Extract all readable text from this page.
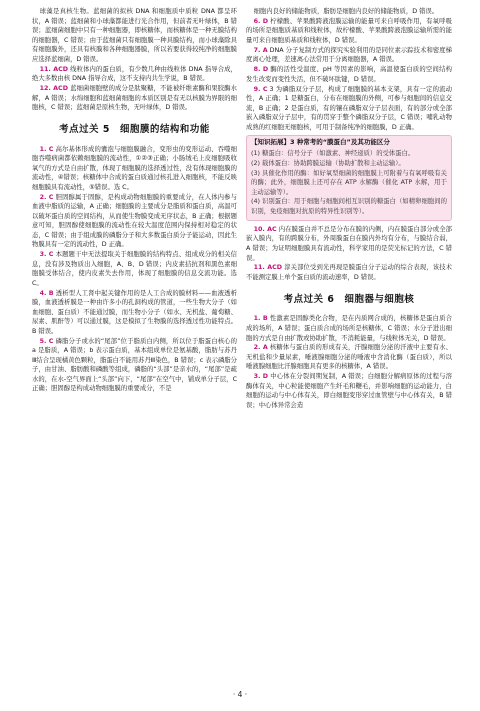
球藻是真核生物。蓝细菌的拟核 DNA 和细胞质中质粒 DNA 都呈环状，A 错误；蓝细菌和小球藻都能进行光合作用，但前者无叶绿体，B 错误；蓝细菌细胞中只有一种细胞器，即核糖体，而核糖体是一种无膜结构的细胞器，C 错误；由于蓝细菌只有细胞膜一种具膜结构，而小球藻除具有细胞膜外，还具有核膜和各种细胞器膜，所以若要获得较纯净的细胞膜应选择蓝细菌，D 错误。

11. ACD 线粒体内的蛋白质，有少数几种由线粒体 DNA 指导合成，绝大多数由核 DNA 指导合成，这不支持内共生学说，B 错误。

12. ACD 蓝细菌细胞壁的成分是肽聚糖，不能被纤维素酶和果胶酶水解，A 错误；水绵细胞和蓝细菌细胞的本质区别是有无以核膜为界限的细胞核，C 错误；蓝细菌是原核生物，无叶绿体，D 错误。

考点过关 5 细胞膜的结构和功能

1. C 高尔基体形成的囊泡与细胞膜融合，变形虫的变形运动、吞噬细胞吞噬病菌都依赖细胞膜的流动性，①②③正确；小肠绒毛上皮细胞吸收氧气的方式是自由扩散，体现了细胞膜的选择透过性，没有体现细胞膜的流动性，④错误；核糖体中合成的蛋白质通过核孔进入细胞核，不能反映细胞膜具有流动性，⑤错误。选 C。

2. C 胆固醇属于固醇，是构成动物细胞膜的重要成分，在人体内参与血液中脂质的运输，A 正确；细胞膜的主要成分是脂质和蛋白质，高温可以破坏蛋白质的空间结构，从而使生物膜变成无序状态，B 正确；根据题意可知，胆固醇使细胞膜的流动性在较大温度范围内保持相对稳定的状态，C 错误；由于组成膜的磷脂分子和大多数蛋白质分子能运动，因此生物膜具有一定的流动性，D 正确。

3. C 本题题干中无法提取关于细胞膜的结构特点、组成成分的相关信息，没有涉及物质出入细胞，A、B、D 错误；内皮素拮抗剂和黑色素细胞膜受体结合，使内皮素失去作用，体现了细胞膜的信息交流功能。选 C。

4. B 透析型人工肾中起关键作用的是人工合成的膜材料——血液透析膜，血液透析膜是一种由许多小的孔洞构成的管道，一些生物大分子（如血细胞、蛋白质）不能通过膜，而生物小分子（如水、无机盐、葡萄糖、尿素、肌酐等）可以通过膜，这是模拟了生物膜的选择透过性功能特点。B 错误。

5. C 磷脂分子或水的“尾部”位于脂质白内侧，所以位于脂蛋白核心的 a 是脂质，A 错误；b 表示蛋白质，基本组成单位是氨基酸，脂肪与苏丹Ⅲ结合呈现橘黄色颗粒，脂蛋白不能用苏丹Ⅲ染色，B 错误；c 表示磷脂分子，由甘油、脂肪酸和磷酸等组成，磷脂的“头部”是亲水的，“尾部”是疏水的，在水-空气界面上“头部”向下，“尾部”在空气中，铺成单分子层，C 正确；胆固醇是构成动物细胞膜的重要成分，不是

细胞内良好的储能物质，脂肪是细胞内良好的储能物质，D 错误。

6. D 柠檬酸、苹果酸跨液泡膜运输的能量可来自呼吸作用，有氧呼吸的场所是细胞质基质和线粒体，故柠檬酸、苹果酸跨液泡膜运输所需的能量可来自细胞质基质和线粒体，D 错误。

7. A DNA 分子复制方式的探究实验利用的是同位素示踪技术和密度梯度离心处理，差速离心法常用于分离细胞器，A 错误。

8. D 酶的活性受温度、pH 等因素的影响，高温使蛋白质的空间结构发生改变而变性失活，但不破坏肽键，D 错误。

9. C 3 为磷脂双分子层，构成了细胞膜的基本支架，具有一定的流动性，A 正确；1 是糖蛋白，分布在细胞膜的外侧，可参与细胞间的信息交流，B 正确；2 是蛋白质，有的镶在磷脂双分子层表面，有的部分或全部嵌入磷脂双分子层中，有的贯穿于整个磷脂双分子层，C 错误；哺乳动物成熟的红细胞无细胞核，可用于制备纯净的细胞膜，D 正确。

【知识拓展】3 种常考的“膜蛋白”及其功能区分

(1) 糖蛋白：信号分子（如激素、神经递质）的受体蛋白。

(2) 载体蛋白：协助跨膜运输（协助扩散和主动运输）。

(3) 具催化作用的酶：如好氧型细菌的细胞膜上可附着与有氧呼吸有关的酶；此外，细胞膜上还可存在 ATP 水解酶（催化 ATP 水解，用于主动运输等）。

(4) 识别蛋白：用于细胞与细胞间相互识别的糖蛋白（如精卵细胞间的识别，免疫细胞对抗原的特异性识别等）。

10. AC 内在膜蛋白并不总是分布在膜的内侧，内在膜蛋白部分或全部嵌入膜内，有的跨膜分布，外周膜蛋白在膜内外均有分布，与膜结合弱，A 错误；为证明细胞膜具有流动性，科学家用的是荧光标记的方法，C 错误。

11. ACD 淳关部位受到光再现是膜蛋白分子运动的综合表现，该技术不能测定膜上单个蛋白质的流动速率，D 错误。

考点过关 6 细胞器与细胞核

1. B 性激素是固醇类化合物，是在内质网合成的，核糖体是蛋白质合成的场所，A 错误；蛋白质合成的场所是核糖体，C 错误；水分子进出细胞的方式是自由扩散或协助扩散，不消耗能量，与线粒体无关，D 错误。

2. A 核糖体与蛋白质的形成有关，汗腺细胞分泌的汗液中主要有水、无机盐和少量尿素，唾液腺细胞分泌的唾液中含消化酶（蛋白质），所以唾液腺细胞比汗腺细胞具有更多的核糖体，A 错误。

3. D 中心体在分裂间期复制，A 错误；白细胞分解病原体的过程与溶酶体有关，中心粒能使细胞产生纤毛和鞭毛，并影响细胞的运动能力，白细胞的运动与中心体有关，即白细胞变形穿过血管壁与中心体有关，B 错误；中心体异常会造

· 4 ·
